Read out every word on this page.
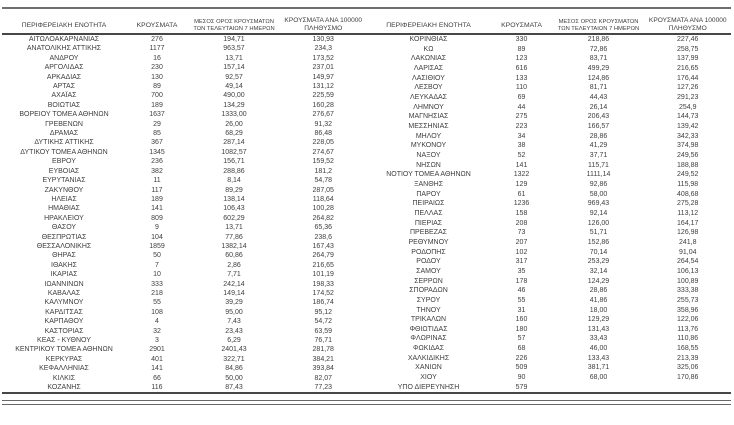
ΠΕΡΙΦΕΡΕΙΑΚΗ ΕΝΟΤΗΤΑ	ΚΡΟΥΣΜΑΤΑ	ΜΕΣΟΣ ΟΡΟΣ ΚΡΟΥΣΜΑΤΩΝ
ΤΩΝ ΤΕΛΕΥΤΑΙΩΝ 7 ΗΜΕΡΩΝ	ΚΡΟΥΣΜΑΤΑ ΑΝΑ 100000
ΠΛΗΘΥΣΜΟ

ΑΙΤΩΛΟΑΚΑΡΝΑΝΙΑΣ	276	194,71	130,93
ΑΝΑΤΟΛΙΚΗΣ ΑΤΤΙΚΗΣ	1177	963,57	234,3
ΑΝΔΡΟΥ	16	13,71	173,52
ΑΡΓΟΛΙΔΑΣ	230	157,14	237,01
ΑΡΚΑΔΙΑΣ	130	92,57	149,97
ΑΡΤΑΣ	89	49,14	131,12
ΑΧΑΪΑΣ	700	490,00	225,59
ΒΟΙΩΤΙΑΣ	189	134,29	160,28
ΒΟΡΕΙΟΥ ΤΟΜΕΑ ΑΘΗΝΩΝ	1637	1333,00	276,67
ΓΡΕΒΕΝΩΝ	29	26,00	91,32
ΔΡΑΜΑΣ	85	68,29	86,48
ΔΥΤΙΚΗΣ ΑΤΤΙΚΗΣ	367	287,14	228,05
ΔΥΤΙΚΟΥ ΤΟΜΕΑ ΑΘΗΝΩΝ	1345	1082,57	274,67
ΕΒΡΟΥ	236	156,71	159,52
ΕΥΒΟΙΑΣ	382	288,86	181,2
ΕΥΡΥΤΑΝΙΑΣ	11	8,14	54,78
ΖΑΚΥΝΘΟΥ	117	89,29	287,05
ΗΛΕΙΑΣ	189	138,14	118,64
ΗΜΑΘΙΑΣ	141	106,43	100,28
ΗΡΑΚΛΕΙΟΥ	809	602,29	264,82
ΘΑΣΟΥ	9	13,71	65,36
ΘΕΣΠΡΩΤΙΑΣ	104	77,86	238,6
ΘΕΣΣΑΛΟΝΙΚΗΣ	1859	1382,14	167,43
ΘΗΡΑΣ	50	60,86	264,79
ΙΘΑΚΗΣ	7	2,86	216,65
ΙΚΑΡΙΑΣ	10	7,71	101,19
ΙΩΑΝΝΙΝΩΝ	333	242,14	198,33
ΚΑΒΑΛΑΣ	218	149,14	174,52
ΚΑΛΥΜΝΟΥ	55	39,29	186,74
ΚΑΡΔΙΤΣΑΣ	108	95,00	95,12
ΚΑΡΠΑΘΟΥ	4	7,43	54,72
ΚΑΣΤΟΡΙΑΣ	32	23,43	63,59
ΚΕΑΣ - ΚΥΘΝΟΥ	3	6,29	76,71
ΚΕΝΤΡΙΚΟΥ ΤΟΜΕΑ ΑΘΗΝΩΝ	2901	2401,43	281,78
ΚΕΡΚΥΡΑΣ	401	322,71	384,21
ΚΕΦΑΛΛΗΝΙΑΣ	141	84,86	393,84
ΚΙΛΚΙΣ	66	50,00	82,07
ΚΟΖΑΝΗΣ	116	87,43	77,23
ΠΕΡΙΦΕΡΕΙΑΚΗ ΕΝΟΤΗΤΑ	ΚΡΟΥΣΜΑΤΑ	ΜΕΣΟΣ ΟΡΟΣ ΚΡΟΥΣΜΑΤΩΝ
ΤΩΝ ΤΕΛΕΥΤΑΙΩΝ 7 ΗΜΕΡΩΝ	ΚΡΟΥΣΜΑΤΑ ΑΝΑ 100000
ΠΛΗΘΥΣΜΟ

ΚΟΡΙΝΘΙΑΣ	330	218,86	227,46
ΚΩ	89	72,86	258,75
ΛΑΚΩΝΙΑΣ	123	83,71	137,99
ΛΑΡΙΣΑΣ	616	499,29	216,65
ΛΑΣΙΘΙΟΥ	133	124,86	176,44
ΛΕΣΒΟΥ	110	81,71	127,26
ΛΕΥΚΑΔΑΣ	69	44,43	291,23
ΛΗΜΝΟΥ	44	26,14	254,9
ΜΑΓΝΗΣΙΑΣ	275	206,43	144,73
ΜΕΣΣΗΝΙΑΣ	223	166,57	139,42
ΜΗΛΟΥ	34	28,86	342,33
ΜΥΚΟΝΟΥ	38	41,29	374,98
ΝΑΞΟΥ	52	37,71	249,56
ΝΗΣΩΝ	141	115,71	188,88
ΝΟΤΙΟΥ ΤΟΜΕΑ ΑΘΗΝΩΝ	1322	1111,14	249,52
ΞΑΝΘΗΣ	129	92,86	115,98
ΠΑΡΟΥ	61	58,00	408,68
ΠΕΙΡΑΙΩΣ	1236	969,43	275,28
ΠΕΛΛΑΣ	158	92,14	113,12
ΠΙΕΡΙΑΣ	208	126,00	164,17
ΠΡΕΒΕΖΑΣ	73	51,71	126,98
ΡΕΘΥΜΝΟΥ	207	152,86	241,8
ΡΟΔΟΠΗΣ	102	70,14	91,04
ΡΟΔΟΥ	317	253,29	264,54
ΣΑΜΟΥ	35	32,14	106,13
ΣΕΡΡΩΝ	178	124,29	100,89
ΣΠΟΡΑΔΩΝ	46	28,86	333,38
ΣΥΡΟΥ	55	41,86	255,73
ΤΗΝΟΥ	31	18,00	358,96
ΤΡΙΚΑΛΩΝ	160	129,29	122,06
ΦΘΙΩΤΙΔΑΣ	180	131,43	113,76
ΦΛΩΡΙΝΑΣ	57	33,43	110,86
ΦΩΚΙΔΑΣ	68	46,00	168,55
ΧΑΛΚΙΔΙΚΗΣ	226	133,43	213,39
ΧΑΝΙΩΝ	509	381,71	325,06
ΧΙΟΥ	90	68,00	170,86
ΥΠΟ ΔΙΕΡΕΥΝΗΣΗ	579		
